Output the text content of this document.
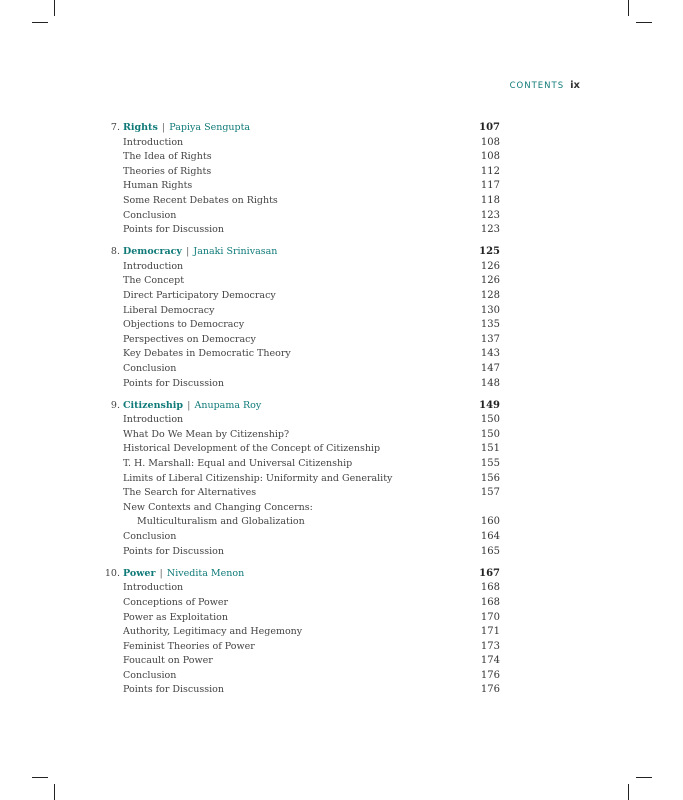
CONTENTS ix
7. Rights | Papiya Sengupta	107
Introduction	108
The Idea of Rights	108
Theories of Rights	112
Human Rights	117
Some Recent Debates on Rights	118
Conclusion	123
Points for Discussion	123
8. Democracy | Janaki Srinivasan	125
Introduction	126
The Concept	126
Direct Participatory Democracy	128
Liberal Democracy	130
Objections to Democracy	135
Perspectives on Democracy	137
Key Debates in Democratic Theory	143
Conclusion	147
Points for Discussion	148
9. Citizenship | Anupama Roy	149
Introduction	150
What Do We Mean by Citizenship?	150
Historical Development of the Concept of Citizenship	151
T. H. Marshall: Equal and Universal Citizenship	155
Limits of Liberal Citizenship: Uniformity and Generality	156
The Search for Alternatives	157
New Contexts and Changing Concerns:
Multiculturalism and Globalization	160
Conclusion	164
Points for Discussion	165
10. Power | Nivedita Menon	167
Introduction	168
Conceptions of Power	168
Power as Exploitation	170
Authority, Legitimacy and Hegemony	171
Feminist Theories of Power	173
Foucault on Power	174
Conclusion	176
Points for Discussion	176
